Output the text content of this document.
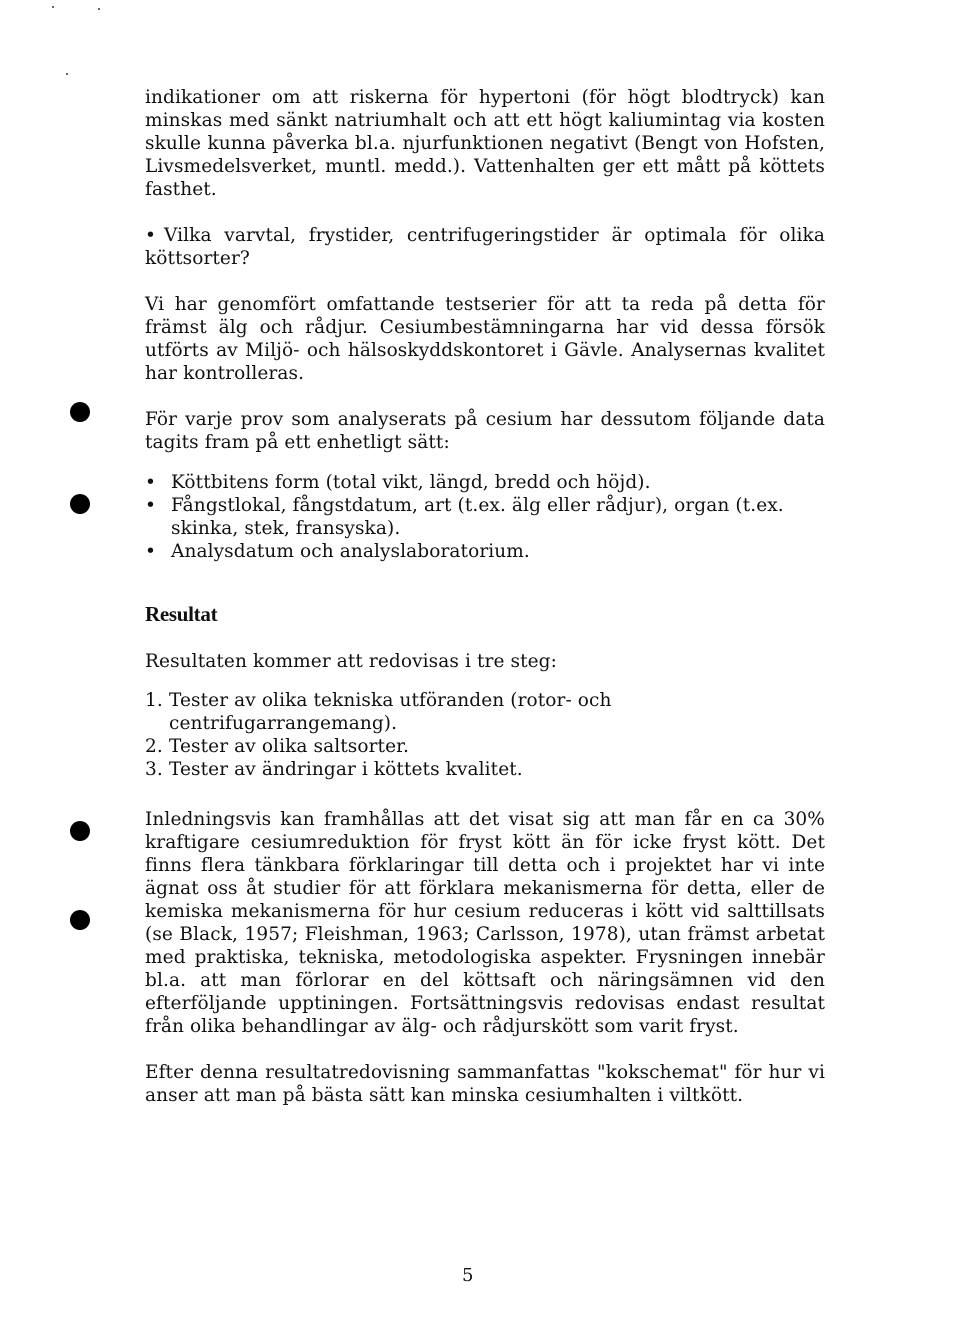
indikationer om att riskerna för hypertoni (för högt blodtryck) kan minskas med sänkt natriumhalt och att ett högt kaliumintag via kosten skulle kunna påverka bl.a. njurfunktionen negativt (Bengt von Hofsten, Livsmedelsverket, muntl. medd.). Vattenhalten ger ett mått på köttets fasthet.

• Vilka varvtal, frystider, centrifugeringstider är optimala för olika köttsorter?

Vi har genomfört omfattande testserier för att ta reda på detta för främst älg och rådjur. Cesiumbestämningarna har vid dessa försök utförts av Miljö- och hälsoskyddskontoret i Gävle. Analysernas kvalitet har kontrolleras.

För varje prov som analyserats på cesium har dessutom följande data tagits fram på ett enhetligt sätt:

• Köttbitens form (total vikt, längd, bredd och höjd).
• Fångstlokal, fångstdatum, art (t.ex. älg eller rådjur), organ (t.ex. skinka, stek, fransyska).
• Analysdatum och analyslaboratorium.
Resultat

Resultaten kommer att redovisas i tre steg:

1. Tester av olika tekniska utföranden (rotor- och centrifugarrangemang).
2. Tester av olika saltsorter.
3. Tester av ändringar i köttets kvalitet.

Inledningsvis kan framhållas att det visat sig att man får en ca 30% kraftigare cesiumreduktion för fryst kött än för icke fryst kött. Det finns flera tänkbara förklaringar till detta och i projektet har vi inte ägnat oss åt studier för att förklara mekanismerna för detta, eller de kemiska mekanismerna för hur cesium reduceras i kött vid salttillsats (se Black, 1957; Fleishman, 1963; Carlsson, 1978), utan främst arbetat med praktiska, tekniska, metodologiska aspekter. Frysningen innebär bl.a. att man förlorar en del köttsaft och näringsämnen vid den efterföljande upptiningen. Fortsättningsvis redovisas endast resultat från olika behandlingar av älg- och rådjurskött som varit fryst.

Efter denna resultatredovisning sammanfattas "kokschemat" för hur vi anser att man på bästa sätt kan minska cesiumhalten i viltkött.

5
